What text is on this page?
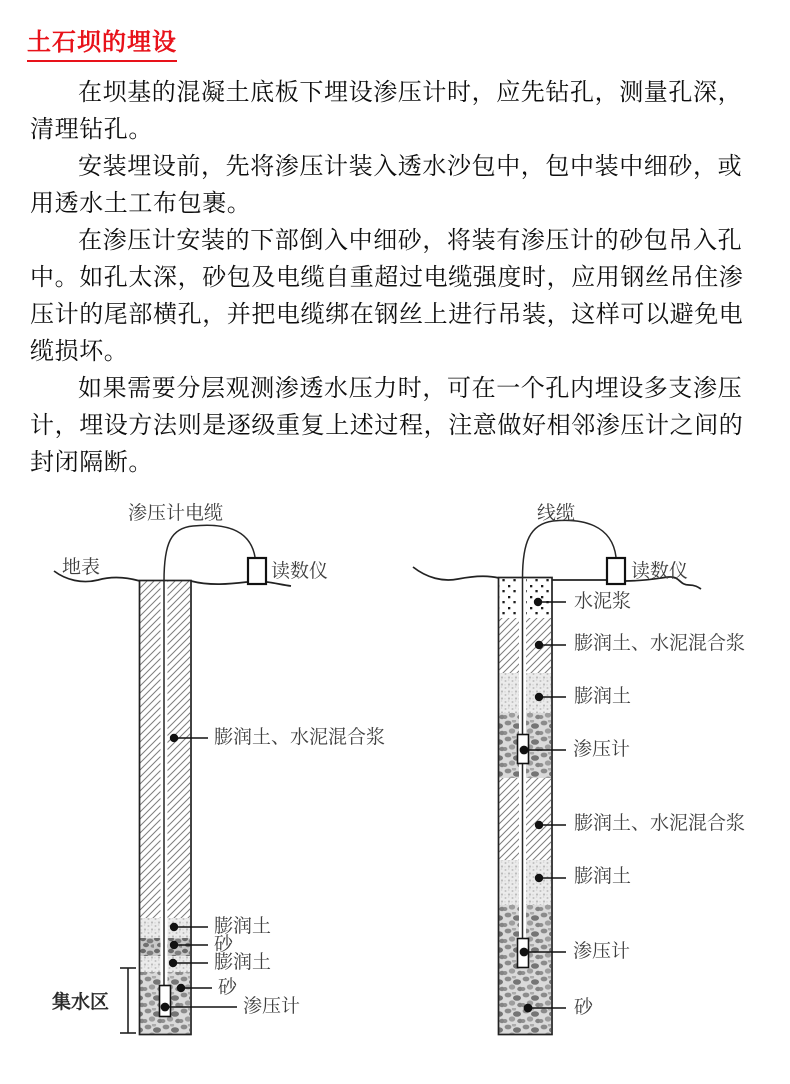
土石坝的埋设
在坝基的混凝土底板下埋设渗压计时，应先钻孔，测量孔深，
清理钻孔。
安装埋设前，先将渗压计装入透水沙包中，包中装中细砂，或
用透水土工布包裹。
在渗压计安装的下部倒入中细砂，将装有渗压计的砂包吊入孔
中。如孔太深，砂包及电缆自重超过电缆强度时，应用钢丝吊住渗
压计的尾部横孔，并把电缆绑在钢丝上进行吊装，这样可以避免电
缆损坏。
如果需要分层观测渗透水压力时，可在一个孔内埋设多支渗压
计，埋设方法则是逐级重复上述过程，注意做好相邻渗压计之间的
封闭隔断。
渗压计电缆
地表	读数仪
膨润土、水泥混合浆
膨润土
砂
膨润土
砂
渗压计
集水区
线缆
读数仪
水泥浆
膨润土、水泥混合浆
膨润土
渗压计
膨润土、水泥混合浆
膨润土
渗压计
砂
